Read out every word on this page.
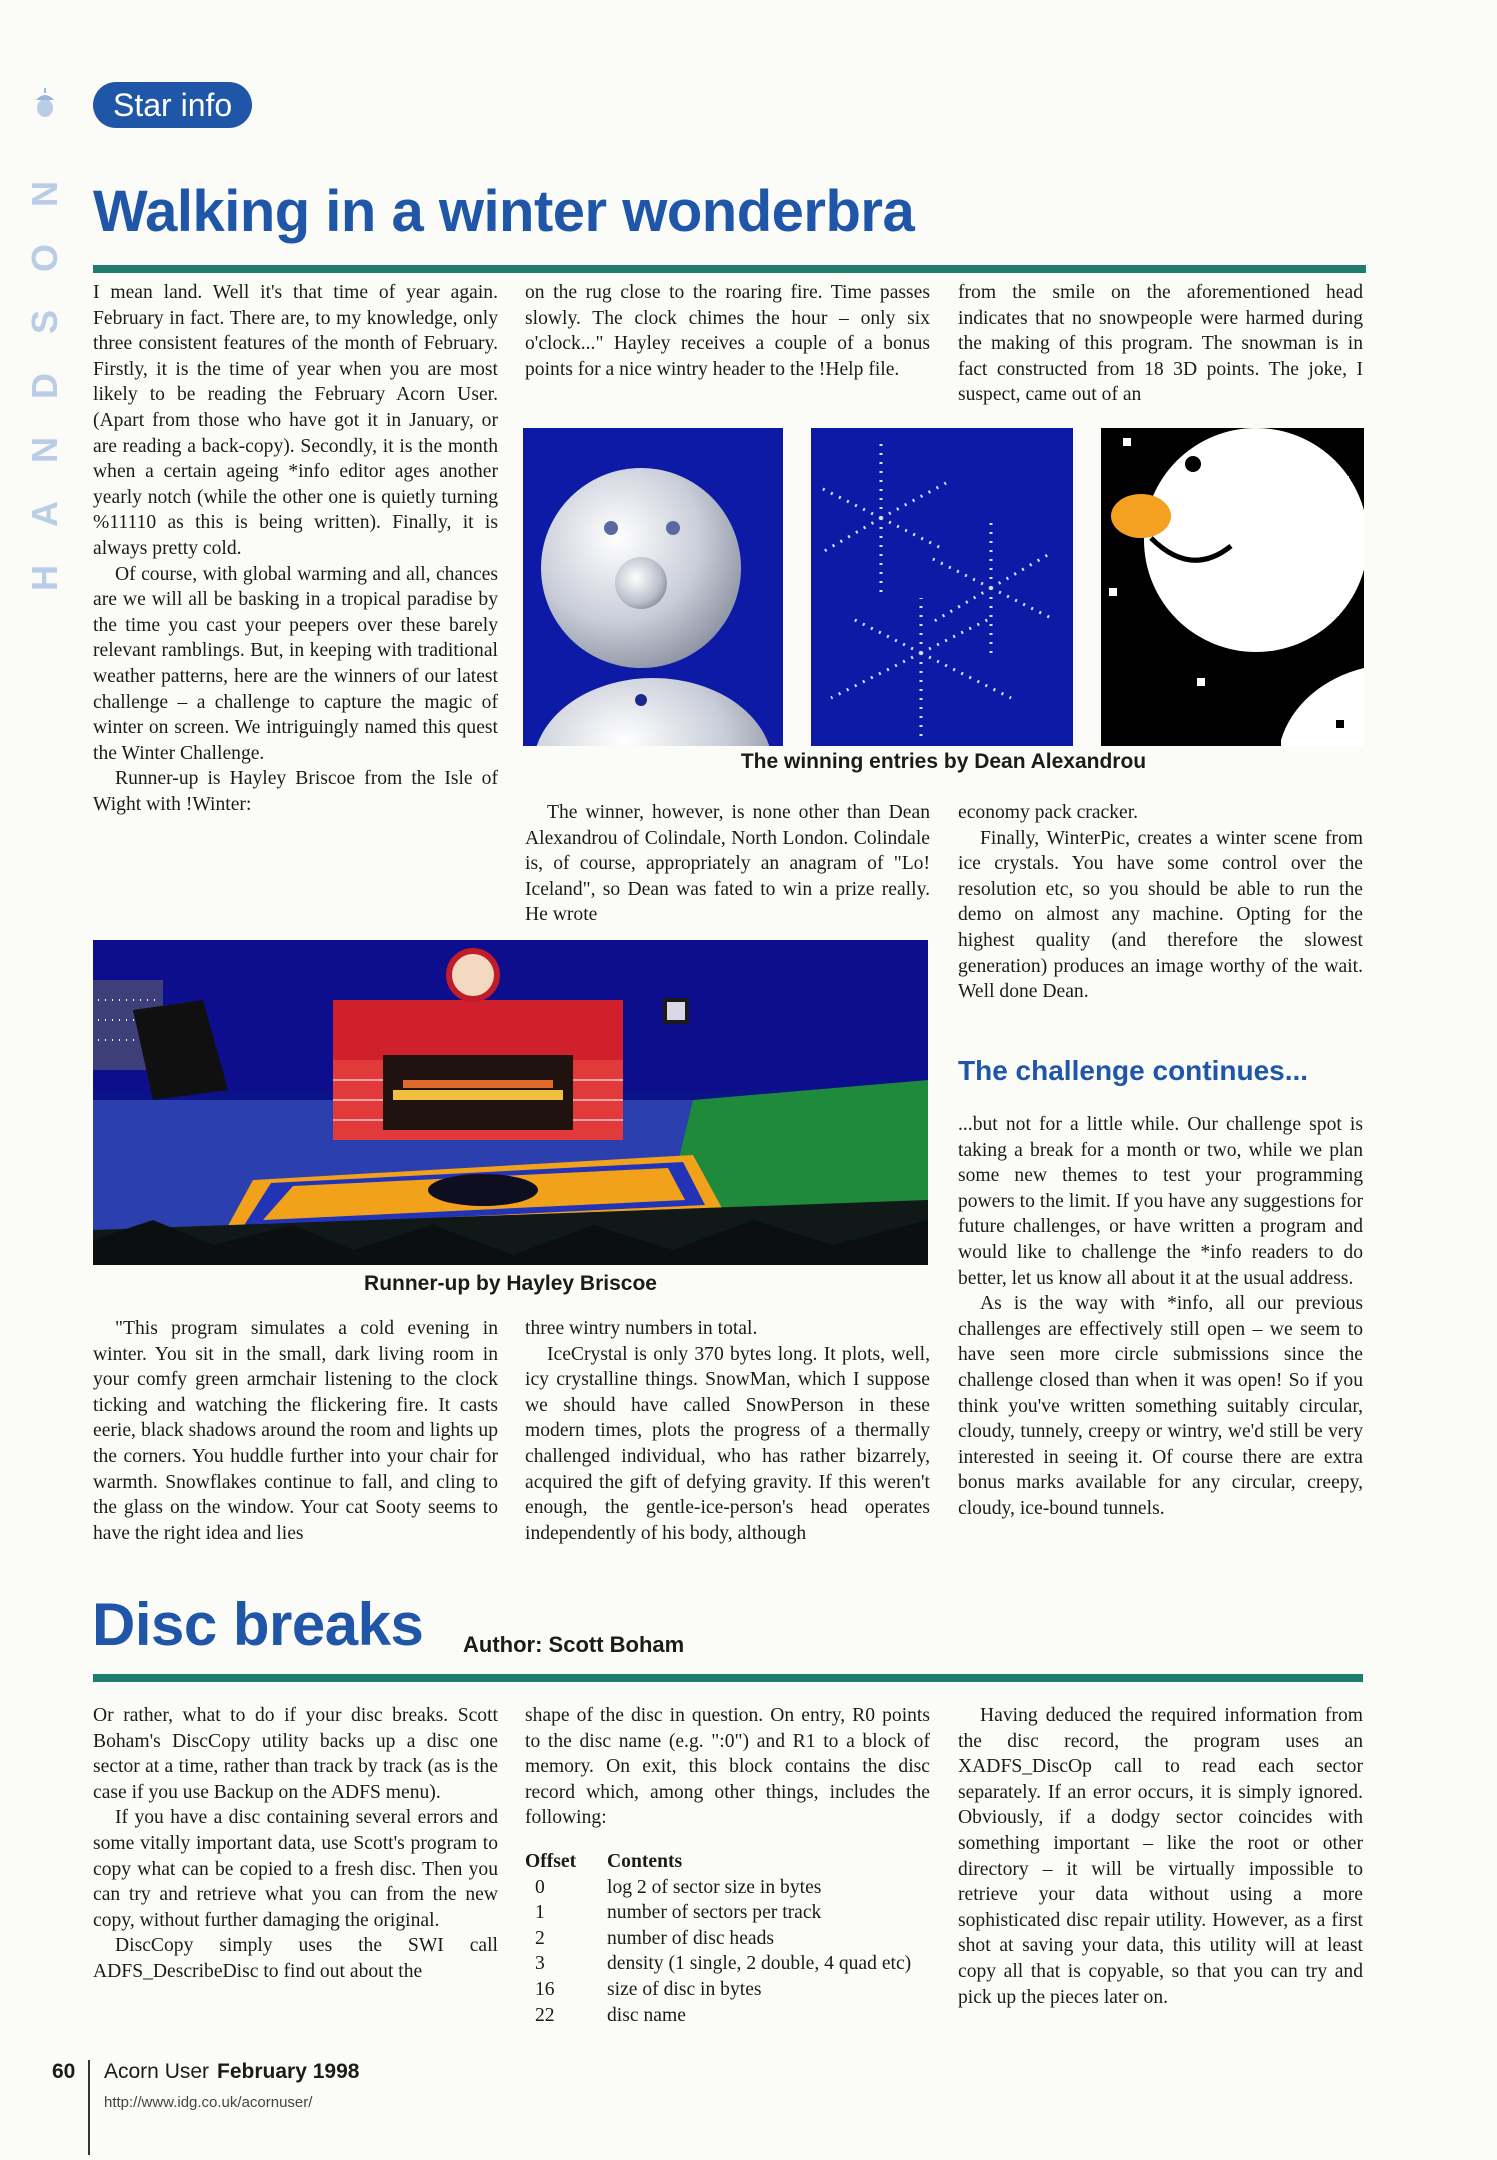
N
O
S
D
N
A
H
Star info
Walking in a winter wonderbra

I mean land. Well it's that time of year again. February in fact. There are, to my knowledge, only three consistent features of the month of February. Firstly, it is the time of year when you are most likely to be reading the February Acorn User. (Apart from those who have got it in January, or are reading a back-copy). Secondly, it is the month when a certain ageing *info editor ages another yearly notch (while the other one is quietly turning %11110 as this is being written). Finally, it is always pretty cold.

Of course, with global warming and all, chances are we will all be basking in a tropical paradise by the time you cast your peepers over these barely relevant ramblings. But, in keeping with traditional weather patterns, here are the winners of our latest challenge – a challenge to capture the magic of winter on screen. We intriguingly named this quest the Winter Challenge.

Runner-up is Hayley Briscoe from the Isle of Wight with !Winter:

on the rug close to the roaring fire. Time passes slowly. The clock chimes the hour – only six o'clock..." Hayley receives a couple of a bonus points for a nice wintry header to the !Help file.

from the smile on the aforementioned head indicates that no snowpeople were harmed during the making of this program. The snowman is in fact constructed from 18 3D points. The joke, I suspect, came out of an

The winning entries by Dean Alexandrou

The winner, however, is none other than Dean Alexandrou of Colindale, North London. Colindale is, of course, appropriately an anagram of "Lo! Iceland", so Dean was fated to win a prize really. He wrote

economy pack cracker.

Finally, WinterPic, creates a winter scene from ice crystals. You have some control over the resolution etc, so you should be able to run the demo on almost any machine. Opting for the highest quality (and therefore the slowest generation) produces an image worthy of the wait. Well done Dean.

The challenge continues...

...but not for a little while. Our challenge spot is taking a break for a month or two, while we plan some new themes to test your programming powers to the limit. If you have any suggestions for future challenges, or have written a program and would like to challenge the *info readers to do better, let us know all about it at the usual address.

As is the way with *info, all our previous challenges are effectively still open – we seem to have seen more circle submissions since the challenge closed than when it was open! So if you think you've written something suitably circular, cloudy, tunnely, creepy or wintry, we'd still be very interested in seeing it. Of course there are extra bonus marks available for any circular, creepy, cloudy, ice-bound tunnels.

Runner-up by Hayley Briscoe

"This program simulates a cold evening in winter. You sit in the small, dark living room in your comfy green armchair listening to the clock ticking and watching the flickering fire. It casts eerie, black shadows around the room and lights up the corners. You huddle further into your chair for warmth. Snowflakes continue to fall, and cling to the glass on the window. Your cat Sooty seems to have the right idea and lies

three wintry numbers in total.

IceCrystal is only 370 bytes long. It plots, well, icy crystalline things. SnowMan, which I suppose we should have called SnowPerson in these modern times, plots the progress of a thermally challenged individual, who has rather bizarrely, acquired the gift of defying gravity. If this weren't enough, the gentle-ice-person's head operates independently of his body, although

Disc breaks Author: Scott Boham

Or rather, what to do if your disc breaks. Scott Boham's DiscCopy utility backs up a disc one sector at a time, rather than track by track (as is the case if you use Backup on the ADFS menu).

If you have a disc containing several errors and some vitally important data, use Scott's program to copy what can be copied to a fresh disc. Then you can try and retrieve what you can from the new copy, without further damaging the original.

DiscCopy simply uses the SWI call ADFS_DescribeDisc to find out about the

shape of the disc in question. On entry, R0 points to the disc name (e.g. ":0") and R1 to a block of memory. On exit, this block contains the disc record which, among other things, includes the following:

Offset	Contents
0	log 2 of sector size in bytes
1	number of sectors per track
2	number of disc heads
3	density (1 single, 2 double, 4 quad etc)
16	size of disc in bytes
22	disc name

Having deduced the required information from the disc record, the program uses an XADFS_DiscOp call to read each sector separately. If an error occurs, it is simply ignored. Obviously, if a dodgy sector coincides with something important – like the root or other directory – it will be virtually impossible to retrieve your data without using a more sophisticated disc repair utility. However, as a first shot at saving your data, this utility will at least copy all that is copyable, so that you can try and pick up the pieces later on.

60 Acorn User February 1998
http://www.idg.co.uk/acornuser/
